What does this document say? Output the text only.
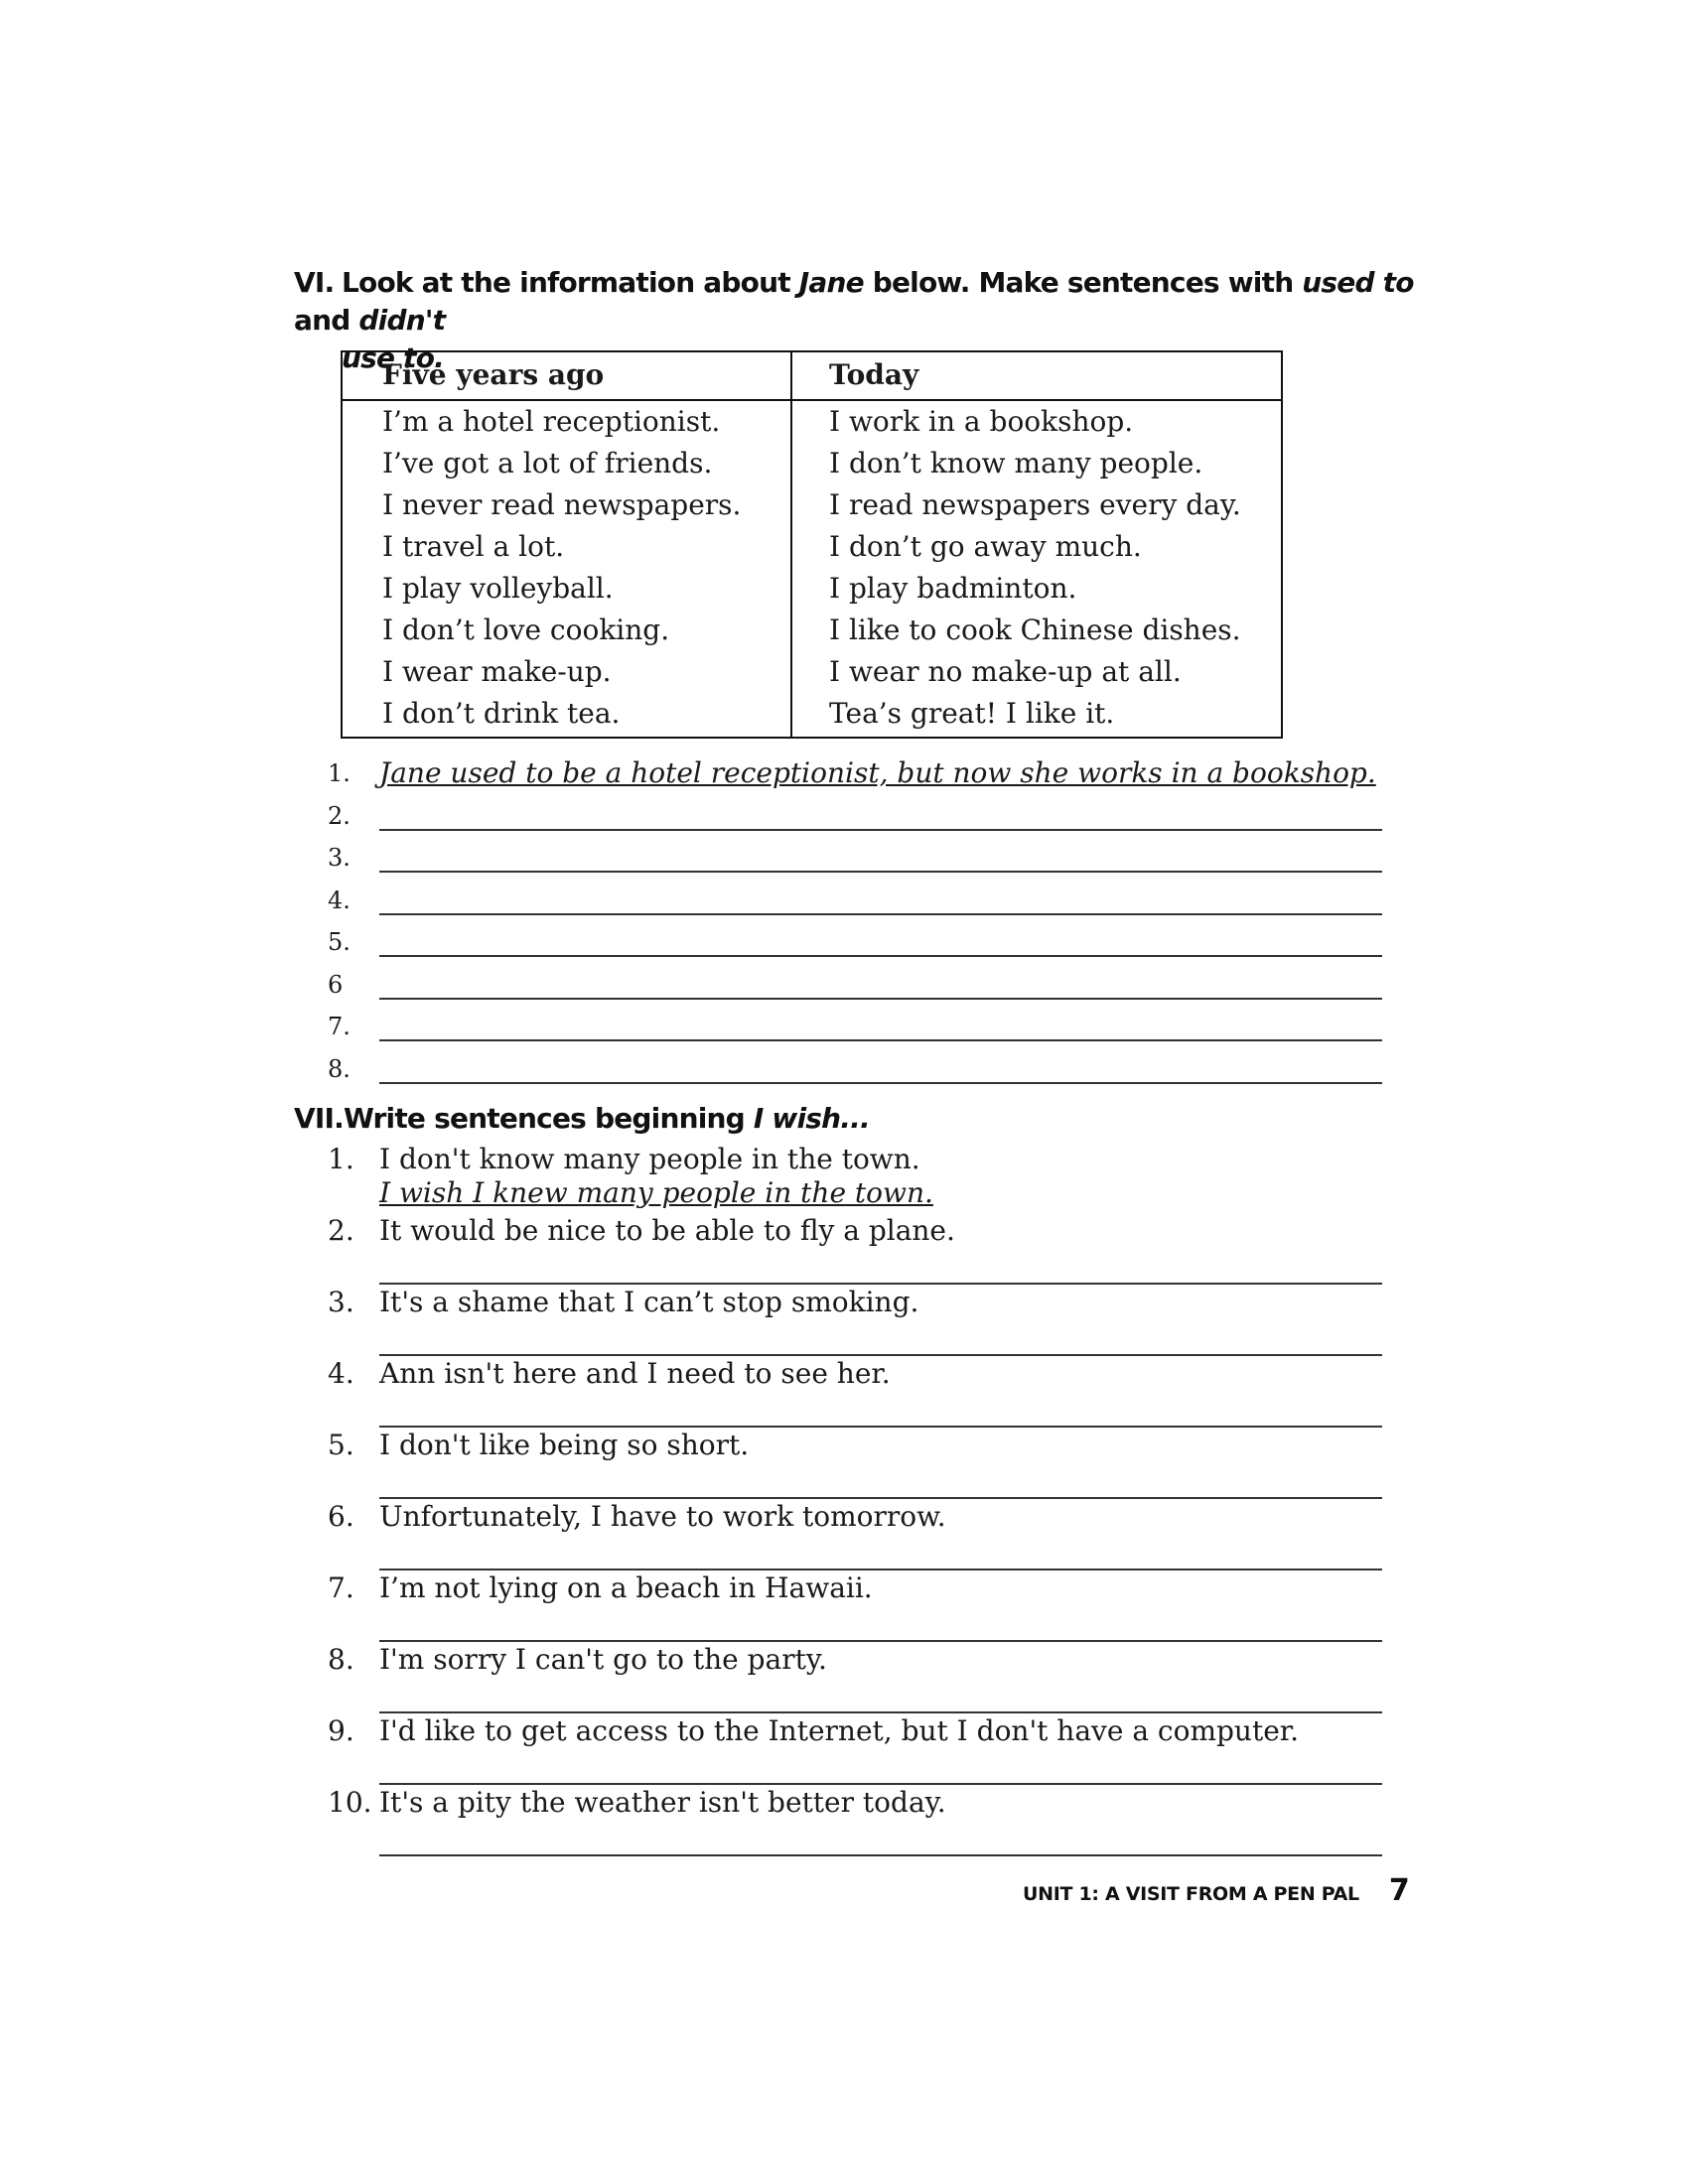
VI. Look at the information about Jane below. Make sentences with used to and didn't
use to.
Five years ago
I’m a hotel receptionist.
I’ve got a lot of friends.
I never read newspapers.
I travel a lot.
I play volleyball.
I don’t love cooking.
I wear make-up.
I don’t drink tea.
Today
I work in a bookshop.
I don’t know many people.
I read newspapers every day.
I don’t go away much.
I play badminton.
I like to cook Chinese dishes.
I wear no make-up at all.
Tea’s great! I like it.
1.	Jane used to be a hotel receptionist, but now she works in a bookshop.
2.
3.
4.
5.
6
7.
8.
VII.Write sentences beginning I wish...
1. I don't know many people in the town.
I wish I knew many people in the town.
2. It would be nice to be able to fly a plane.
3. It's a shame that I can’t stop smoking.
4. Ann isn't here and I need to see her.
5. I don't like being so short.
6. Unfortunately, I have to work tomorrow.
7. I’m not lying on a beach in Hawaii.
8. I'm sorry I can't go to the party.
9. I'd like to get access to the Internet, but I don't have a computer.
10. It's a pity the weather isn't better today.
UNIT 1: A VISIT FROM A PEN PAL 7
